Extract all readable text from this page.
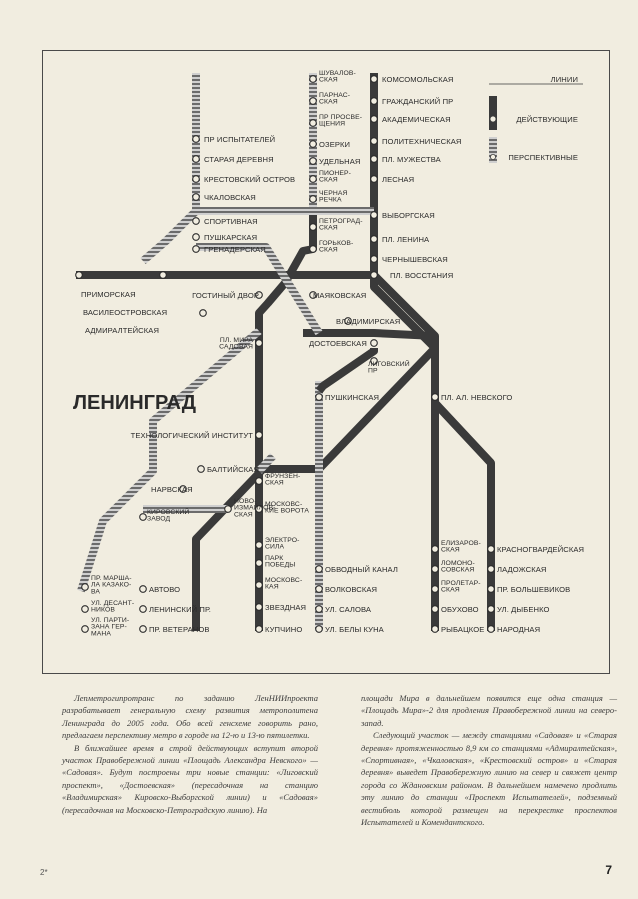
ШУВАЛОВ-СКАЯ
ПАРНАС-СКАЯ
ПР ПРОСВЕ-ЩЕНИЯ
ОЗЕРКИ
УДЕЛЬНАЯ
ПИОНЕР-СКАЯ
ЧЕРНАЯ РЕЧКА
ПЕТРОГРАД-СКАЯ
ГОРЬКОВ-СКАЯ
КОМСОМОЛЬСКАЯ
ГРАЖДАНСКИЙ ПР
АКАДЕМИЧЕСКАЯ
ПОЛИТЕХНИЧЕСКАЯ
ПЛ. МУЖЕСТВА
ЛЕСНАЯ
ВЫБОРГСКАЯ
ПЛ. ЛЕНИНА
ЧЕРНЫШЕВСКАЯ
ПЛ. ВОССТАНИЯ
ПР ИСПЫТАТЕЛЕЙ
СТАРАЯ ДЕРЕВНЯ
КРЕСТОВСКИЙ ОСТРОВ
ЧКАЛОВСКАЯ
СПОРТИВНАЯ
ПУШКАРСКАЯ
ГРЕНАДЕРСКАЯ
ПРИМОРСКАЯ
ВАСИЛЕОСТРОВСКАЯ
АДМИРАЛТЕЙСКАЯ
ГОСТИНЫЙ ДВОР	МАЯКОВСКАЯ
ВЛАДИМИРСКАЯ
ДОСТОЕВСКАЯ
ЛИГОВСКИЙ ПР
ПЛ. МИРА САДОВАЯ
ПУШКИНСКАЯ	ПЛ. АЛ. НЕВСКОГО
ТЕХНОЛОГИЧЕСКИЙ ИНСТИТУТ
БАЛТИЙСКАЯ
НАРВСКАЯ
КИРОВСКИЙ ЗАВОД
НОВО-ИЗМАЙЛОВ-СКАЯ
ФРУНЗЕН-СКАЯ
МОСКОВС-КИЕ ВОРОТА
ЭЛЕКТРО-СИЛА
ПАРК ПОБЕДЫ
МОСКОВС-КАЯ
ЗВЕЗДНАЯ
КУПЧИНО
ОБВОДНЫЙ КАНАЛ
ВОЛКОВСКАЯ
УЛ. САЛОВА
УЛ. БЕЛЫ КУНА
АВТОВО
ЛЕНИНСКИЙ ПР.
ПР. ВЕТЕРАНОВ
ПР. МАРША-ЛА КАЗАКО-ВА
УЛ. ДЕСАНТ-НИКОВ
УЛ. ПАРТИ-ЗАНА ГЕР-МАНА
ЕЛИЗАРОВ-СКАЯ
ЛОМОНО-СОВСКАЯ
ПРОЛЕТАР-СКАЯ
ОБУХОВО
РЫБАЦКОЕ
КРАСНОГВАРДЕЙСКАЯ
ЛАДОЖСКАЯ
ПР. БОЛЬШЕВИКОВ
УЛ. ДЫБЕНКО
НАРОДНАЯ
ЛЕНИНГРАД
ЛИНИИ
ДЕЙСТВУЮЩИЕ
ПЕРСПЕКТИВНЫЕ

Лenметрогипротранс по заданию ЛенНИИпроекта разрабатывает генеральную схему развития метрополитена Ленинграда до 2005 года. Обо всей генсхеме говорить рано, предлагаем перспективу метро в городе на 12-ю и 13-ю пятилетки.

В ближайшее время в строй действующих вступит второй участок Правобережной линии «Площадь Александра Невского» — «Садовая». Будут построены три новые станции: «Лиговский проспект», «Достоевская» (пересадочная на станцию «Владимирская» Кировско-Выборгской линии) и «Садовая» (пересадочная на Московско-Петроградскую линию). На

площади Мира в дальнейшем появится еще одна станция — «Площадь Мира»-2 для продления Правобережной линии на северо-запад.

Следующий участок — между станциями «Садовая» и «Старая деревня» протяженностью 8,9 км со станциями «Адмиралтейская», «Спортивная», «Чкаловская», «Крестовский остров» и «Старая деревня» выведет Правобережную линию на север и свяжет центр города со Ждановским районом. В дальнейшем намечено продлить эту линию до станции «Проспект Испытателей», подземный вестибюль которой размещен на перекрестке проспектов Испытателей и Комендантского.

2*	7
